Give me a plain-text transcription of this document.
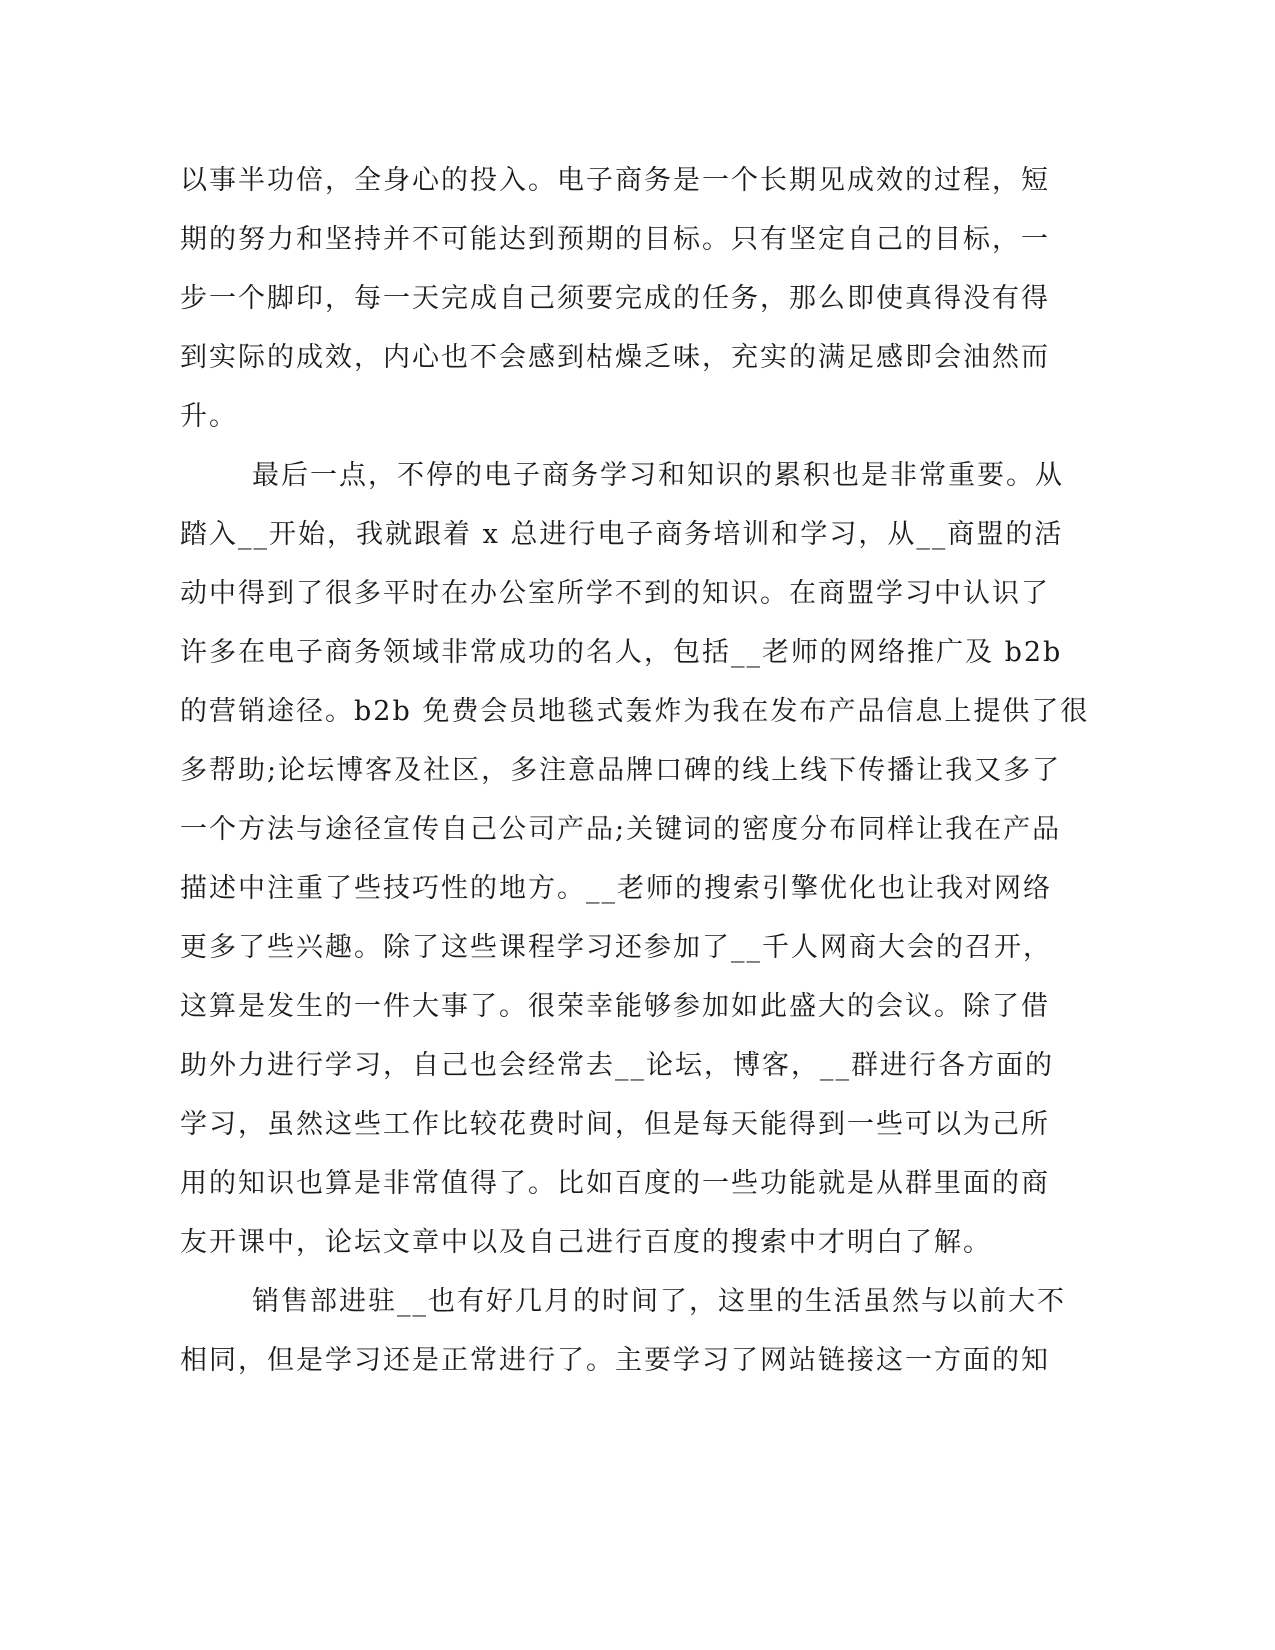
以事半功倍，全身心的投入。电子商务是一个长期见成效的过程，短
期的努力和坚持并不可能达到预期的目标。只有坚定自己的目标，一
步一个脚印，每一天完成自己须要完成的任务，那么即使真得没有得
到实际的成效，内心也不会感到枯燥乏味，充实的满足感即会油然而
升。
最后一点，不停的电子商务学习和知识的累积也是非常重要。从
踏入__开始，我就跟着 x 总进行电子商务培训和学习，从__商盟的活
动中得到了很多平时在办公室所学不到的知识。在商盟学习中认识了
许多在电子商务领域非常成功的名人，包括__老师的网络推广及 b2b
的营销途径。b2b 免费会员地毯式轰炸为我在发布产品信息上提供了很
多帮助;论坛博客及社区，多注意品牌口碑的线上线下传播让我又多了
一个方法与途径宣传自己公司产品;关键词的密度分布同样让我在产品
描述中注重了些技巧性的地方。__老师的搜索引擎优化也让我对网络
更多了些兴趣。除了这些课程学习还参加了__千人网商大会的召开，
这算是发生的一件大事了。很荣幸能够参加如此盛大的会议。除了借
助外力进行学习，自己也会经常去__论坛，博客，__群进行各方面的
学习，虽然这些工作比较花费时间，但是每天能得到一些可以为己所
用的知识也算是非常值得了。比如百度的一些功能就是从群里面的商
友开课中，论坛文章中以及自己进行百度的搜索中才明白了解。
销售部进驻__也有好几月的时间了，这里的生活虽然与以前大不
相同，但是学习还是正常进行了。主要学习了网站链接这一方面的知
